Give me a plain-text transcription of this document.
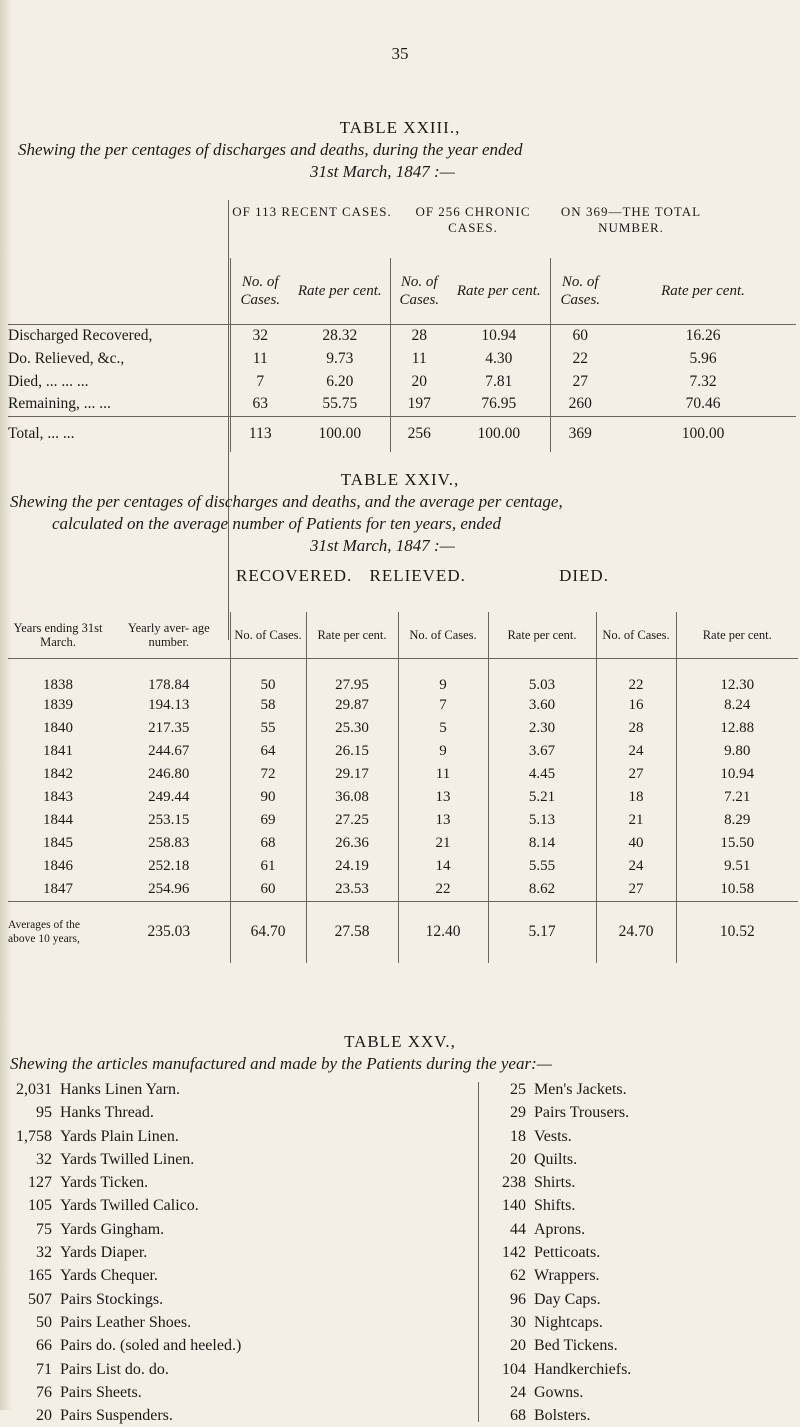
35
TABLE XXIII.,
Shewing the per centages of discharges and deaths, during the year ended
31st March, 1847 :—
OF 113 RECENT CASES.	OF 256 CHRONIC CASES.
ON 369—THE TOTAL NUMBER.
	No. of Cases.	Rate per cent.	No. of Cases.	Rate per cent.	No. of Cases.	Rate per cent.
Discharged Recovered,	32	28.32	28	10.94	60	16.26
Do. Relieved, &c.,	11	9.73	11	4.30	22	5.96
Died, ... ... ...	7	6.20	20	7.81	27	7.32
Remaining, ... ...	63	55.75	197	76.95	260	70.46
Total, ... ...	113	100.00	256	100.00	369	100.00
TABLE XXIV.,
Shewing the per centages of discharges and deaths, and the average per centage,
calculated on the average number of Patients for ten years, ended
31st March, 1847 :—
RECOVERED. RELIEVED.	DIED.
Years ending 31st March.	Yearly aver- age number.	No. of Cases.	Rate per cent.	No. of Cases.	Rate per cent.	No. of Cases.	Rate per cent.
1838	178.84	50	27.95	9	5.03	22	12.30
1839	194.13	58	29.87	7	3.60	16	8.24
1840	217.35	55	25.30	5	2.30	28	12.88
1841	244.67	64	26.15	9	3.67	24	9.80
1842	246.80	72	29.17	11	4.45	27	10.94
1843	249.44	90	36.08	13	5.21	18	7.21
1844	253.15	69	27.25	13	5.13	21	8.29
1845	258.83	68	26.36	21	8.14	40	15.50
1846	252.18	61	24.19	14	5.55	24	9.51
1847	254.96	60	23.53	22	8.62	27	10.58
Averages of the above 10 years,	235.03	64.70	27.58	12.40	5.17	24.70	10.52
TABLE XXV.,
Shewing the articles manufactured and made by the Patients during the year:—
2,031 Hanks Linen Yarn.
95 Hanks Thread.
1,758 Yards Plain Linen.
32 Yards Twilled Linen.
127 Yards Ticken.
105 Yards Twilled Calico.
75 Yards Gingham.
32 Yards Diaper.
165 Yards Chequer.
507 Pairs Stockings.
50 Pairs Leather Shoes.
66 Pairs do. (soled and heeled.)
71 Pairs List do. do.
76 Pairs Sheets.
20 Pairs Suspenders.
25 Men's Jackets.
29 Pairs Trousers.
18 Vests.
20 Quilts.
238 Shirts.
140 Shifts.
44 Aprons.
142 Petticoats.
62 Wrappers.
96 Day Caps.
30 Nightcaps.
20 Bed Tickens.
104 Handkerchiefs.
24 Gowns.
68 Bolsters.
